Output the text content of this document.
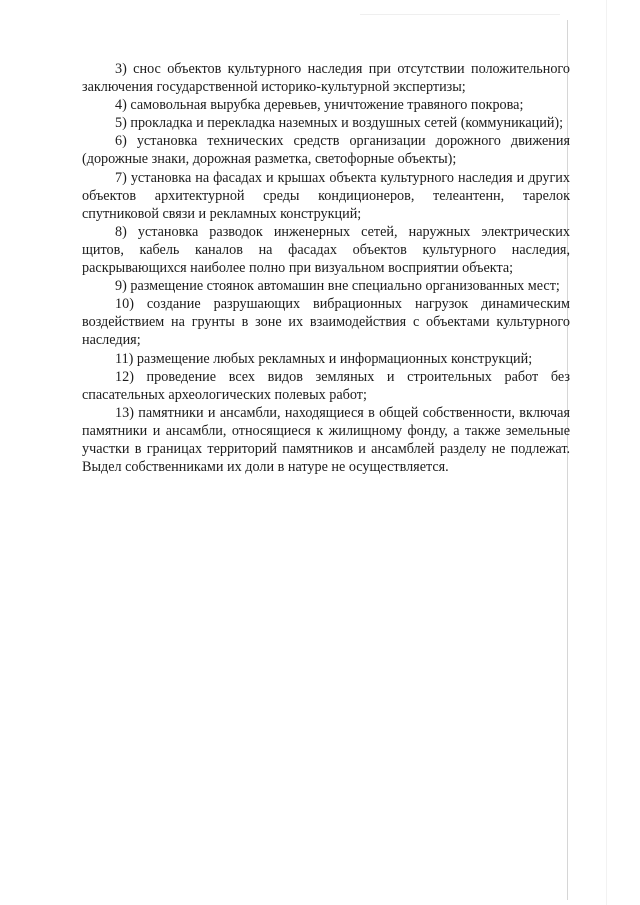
3) снос объектов культурного наследия при отсутствии положительного заключения государственной историко-культурной экспертизы;

4) самовольная вырубка деревьев, уничтожение травяного покрова;

5) прокладка и перекладка наземных и воздушных сетей (коммуникаций);

6) установка технических средств организации дорожного движения (дорожные знаки, дорожная разметка, светофорные объекты);

7) установка на фасадах и крышах объекта культурного наследия и других объектов архитектурной среды кондиционеров, телеантенн, тарелок спутниковой связи и рекламных конструкций;

8) установка разводок инженерных сетей, наружных электрических щитов, кабель каналов на фасадах объектов культурного наследия, раскрывающихся наиболее полно при визуальном восприятии объекта;

9) размещение стоянок автомашин вне специально организованных мест;

10) создание разрушающих вибрационных нагрузок динамическим воздействием на грунты в зоне их взаимодействия с объектами культурного наследия;

11) размещение любых рекламных и информационных конструкций;

12) проведение всех видов земляных и строительных работ без спасательных археологических полевых работ;

13) памятники и ансамбли, находящиеся в общей собственности, включая памятники и ансамбли, относящиеся к жилищному фонду, а также земельные участки в границах территорий памятников и ансамблей разделу не подлежат. Выдел собственниками их доли в натуре не осуществляется.
